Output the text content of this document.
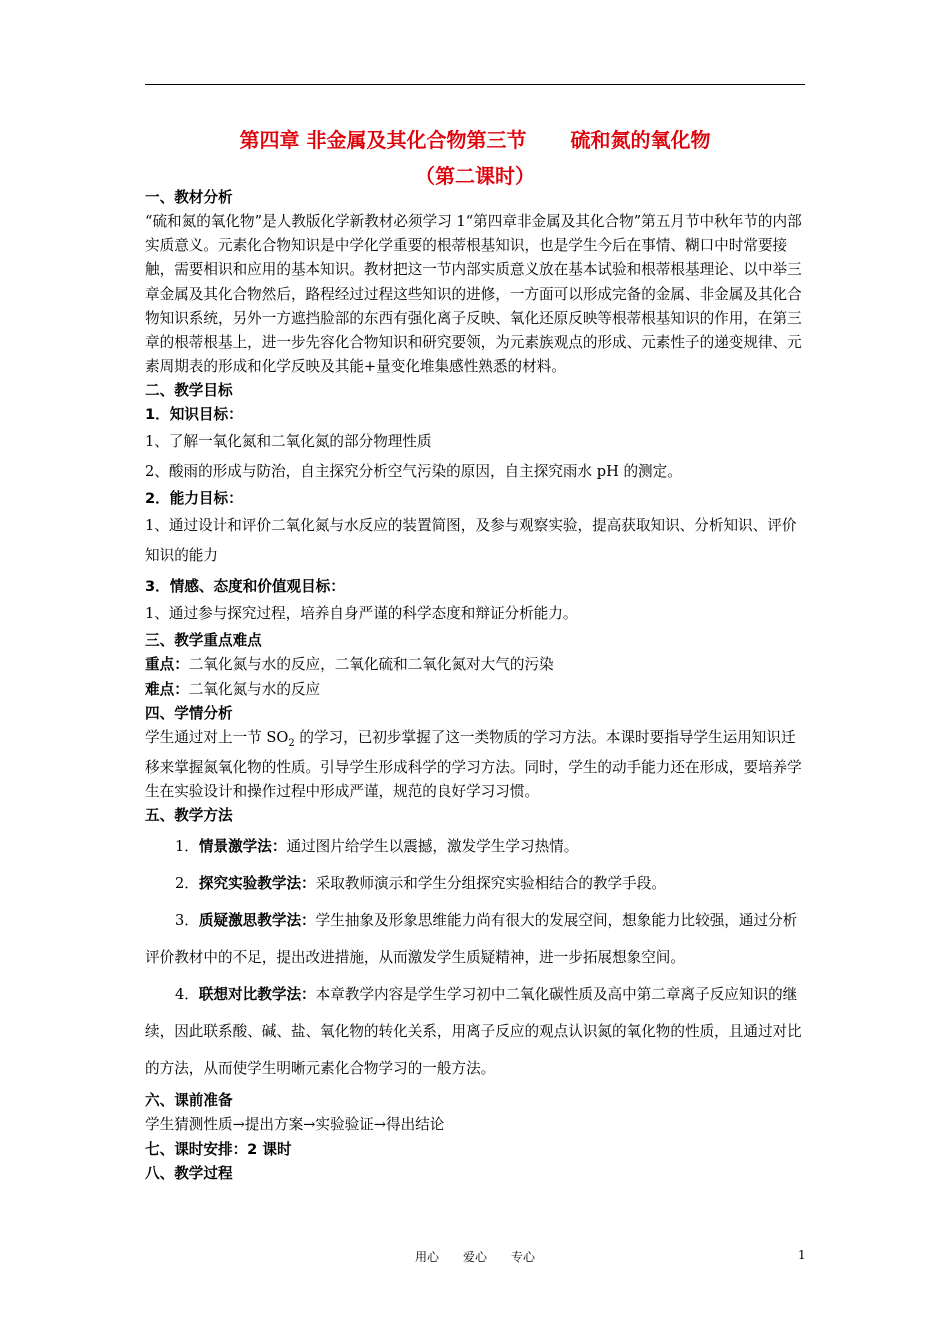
第四章 非金属及其化合物第三节 硫和氮的氧化物
（第二课时）

一、教材分析

“硫和氮的氧化物”是人教版化学新教材必须学习 1“第四章非金属及其化合物”第五月节中秋年节的内部实质意义。元素化合物知识是中学化学重要的根蒂根基知识，也是学生今后在事情、糊口中时常要接触，需要相识和应用的基本知识。教材把这一节内部实质意义放在基本试验和根蒂根基理论、以中举三章金属及其化合物然后，路程经过过程这些知识的进修，一方面可以形成完备的金属、非金属及其化合物知识系统，另外一方遮挡脸部的东西有强化离子反映、氧化还原反映等根蒂根基知识的作用，在第三章的根蒂根基上，进一步先容化合物知识和研究要领，为元素族观点的形成、元素性子的递变规律、元素周期表的形成和化学反映及其能+量变化堆集感性熟悉的材料。

二、教学目标

1．知识目标：

1、了解一氧化氮和二氧化氮的部分物理性质

2、酸雨的形成与防治，自主探究分析空气污染的原因，自主探究雨水 pH 的测定。

2．能力目标：

1、通过设计和评价二氧化氮与水反应的装置简图，及参与观察实验，提高获取知识、分析知识、评价知识的能力

3．情感、态度和价值观目标：

1、通过参与探究过程，培养自身严谨的科学态度和辩证分析能力。

三、教学重点难点

重点：二氧化氮与水的反应，二氧化硫和二氧化氮对大气的污染

难点：二氧化氮与水的反应

四、学情分析

学生通过对上一节 $SO_2$ 的学习，已初步掌握了这一类物质的学习方法。本课时要指导学生运用知识迁移来掌握氮氧化物的性质。引导学生形成科学的学习方法。同时，学生的动手能力还在形成，要培养学生在实验设计和操作过程中形成严谨，规范的良好学习习惯。

五、教学方法

1．情景激学法：通过图片给学生以震撼，激发学生学习热情。

2．探究实验教学法：采取教师演示和学生分组探究实验相结合的教学手段。

3．质疑激思教学法：学生抽象及形象思维能力尚有很大的发展空间，想象能力比较强，通过分析评价教材中的不足，提出改进措施，从而激发学生质疑精神，进一步拓展想象空间。

4．联想对比教学法：本章教学内容是学生学习初中二氧化碳性质及高中第二章离子反应知识的继续，因此联系酸、碱、盐、氧化物的转化关系，用离子反应的观点认识氮的氧化物的性质，且通过对比的方法，从而使学生明晰元素化合物学习的一般方法。

六、课前准备

学生猜测性质→提出方案→实验验证→得出结论

七、课时安排：2 课时

八、教学过程

用心 爱心 专心	1
